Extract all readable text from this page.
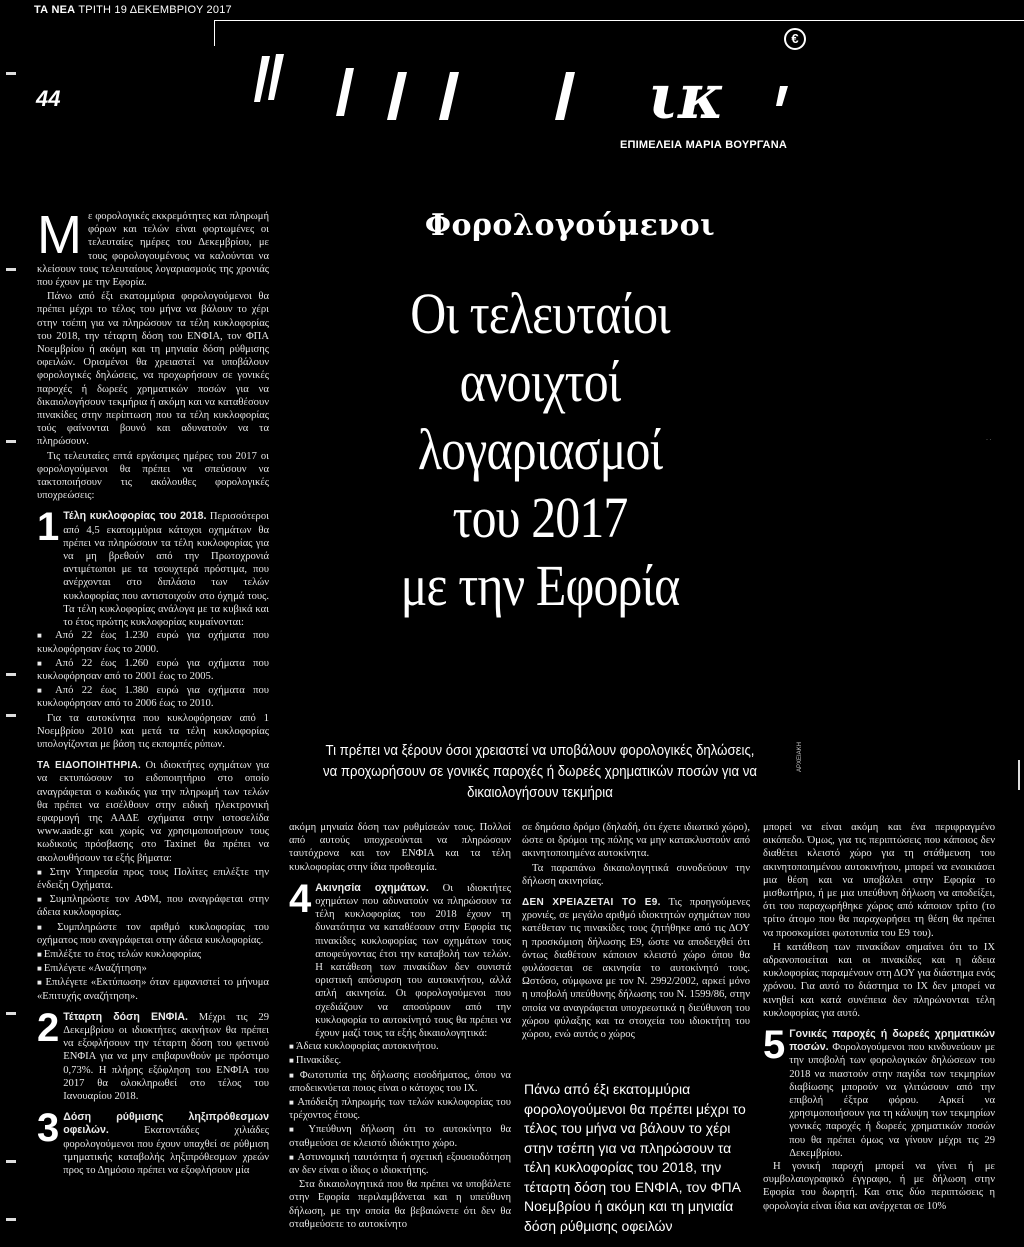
ΤΑ ΝΕΑ ΤΡΙΤΗ 19 ΔΕΚΕΜΒΡΙΟΥ 2017
44	ικ
€
ΕΠΙΜΕΛΕΙΑ ΜΑΡΙΑ ΒΟΥΡΓΑΝΑ
· ·

Με φορολογικές εκκρεμότητες και πληρωμή φόρων και τελών είναι φορτωμένες οι τελευταίες ημέρες του Δεκεμβρίου, με τους φορολογουμένους να καλούνται να κλείσουν τους τελευταίους λογαριασμούς της χρονιάς που έχουν με την Εφορία.

Πάνω από έξι εκατομμύρια φορολογούμενοι θα πρέπει μέχρι το τέλος του μήνα να βάλουν το χέρι στην τσέπη για να πληρώσουν τα τέλη κυκλοφορίας του 2018, την τέταρτη δόση του ΕΝΦΙΑ, τον ΦΠΑ Νοεμβρίου ή ακόμη και τη μηνιαία δόση ρύθμισης οφειλών. Ορισμένοι θα χρειαστεί να υποβάλουν φορολογικές δηλώσεις, να προχωρήσουν σε γονικές παροχές ή δωρεές χρηματικών ποσών για να δικαιολογήσουν τεκμήρια ή ακόμη και να καταθέσουν πινακίδες στην περίπτωση που τα τέλη κυκλοφορίας τούς φαίνονται βουνό και αδυνατούν να τα πληρώσουν.

Τις τελευταίες επτά εργάσιμες ημέρες του 2017 οι φορολογούμενοι θα πρέπει να σπεύσουν να τακτοποιήσουν τις ακόλουθες φορολογικές υποχρεώσεις:

1 Τέλη κυκλοφορίας του 2018. Περισσότεροι από 4,5 εκατομμύρια κάτοχοι οχημάτων θα πρέπει να πληρώσουν τα τέλη κυκλοφορίας για να μη βρεθούν από την Πρωτοχρονιά αντιμέτωποι με τα τσουχτερά πρόστιμα, που ανέρχονται στο διπλάσιο των τελών κυκλοφορίας που αντιστοιχούν στο όχημά τους. Τα τέλη κυκλοφορίας ανάλογα με τα κυβικά και το έτος πρώτης κυκλοφορίας κυμαίνονται:

■ Από 22 έως 1.230 ευρώ για οχήματα που κυκλοφόρησαν έως το 2000.

■ Από 22 έως 1.260 ευρώ για οχήματα που κυκλοφόρησαν από το 2001 έως το 2005.

■ Από 22 έως 1.380 ευρώ για οχήματα που κυκλοφόρησαν από το 2006 έως το 2010.

Για τα αυτοκίνητα που κυκλοφόρησαν από 1 Νοεμβρίου 2010 και μετά τα τέλη κυκλοφορίας υπολογίζονται με βάση τις εκπομπές ρύπων.

ΤΑ ΕΙΔΟΠΟΙΗΤΗΡΙΑ. Οι ιδιοκτήτες οχημάτων για να εκτυπώσουν το ειδοποιητήριο στο οποίο αναγράφεται ο κωδικός για την πληρωμή των τελών θα πρέπει να εισέλθουν στην ειδική ηλεκτρονική εφαρμογή της ΑΑΔΕ σχήματα στην ιστοσελίδα www.aade.gr και χωρίς να χρησιμοποιήσουν τους κωδικούς πρόσβασης στο Taxinet θα πρέπει να ακολουθήσουν τα εξής βήματα:

■ Στην Υπηρεσία προς τους Πολίτες επιλέξτε την ένδειξη Οχήματα.

■ Συμπληρώστε τον ΑΦΜ, που αναγράφεται στην άδεια κυκλοφορίας.

■ Συμπληρώστε τον αριθμό κυκλοφορίας του οχήματος που αναγράφεται στην άδεια κυκλοφορίας.

■ Επιλέξτε το έτος τελών κυκλοφορίας

■ Επιλέγετε «Αναζήτηση»

■ Επιλέγετε «Εκτύπωση» όταν εμφανιστεί το μήνυμα «Επιτυχής αναζήτηση».

2 Τέταρτη δόση ΕΝΦΙΑ. Μέχρι τις 29 Δεκεμβρίου οι ιδιοκτήτες ακινήτων θα πρέπει να εξοφλήσουν την τέταρτη δόση του φετινού ΕΝΦΙΑ για να μην επιβαρυνθούν με πρόστιμο 0,73%. Η πλήρης εξόφληση του ΕΝΦΙΑ του 2017 θα ολοκληρωθεί στο τέλος του Ιανουαρίου 2018.
3 Δόση ρύθμισης ληξιπρόθεσμων οφειλών. Εκατοντάδες χιλιάδες φορολογούμενοι που έχουν υπαχθεί σε ρύθμιση τμηματικής καταβολής ληξιπρόθεσμων χρεών προς το Δημόσιο πρέπει να εξοφλήσουν μία
Φορολογούμενοι
Οι τελευταίοι
ανοιχτοί
λογαριασμοί
του 2017
με την Εφορία
Τι πρέπει να ξέρουν όσοι χρειαστεί να υποβάλουν φορολογικές δηλώσεις, να προχωρήσουν σε γονικές παροχές ή δωρεές χρηματικών ποσών για να δικαιολογήσουν τεκμήρια
ΑΡΧΕΙΑΚΗ

ακόμη μηνιαία δόση των ρυθμίσεών τους. Πολλοί από αυτούς υποχρεούνται να πληρώσουν ταυτόχρονα και τον ΕΝΦΙΑ και τα τέλη κυκλοφορίας στην ίδια προθεσμία.

4 Ακινησία οχημάτων. Οι ιδιοκτήτες οχημάτων που αδυνατούν να πληρώσουν τα τέλη κυκλοφορίας του 2018 έχουν τη δυνατότητα να καταθέσουν στην Εφορία τις πινακίδες κυκλοφορίας των οχημάτων τους αποφεύγοντας έτσι την καταβολή των τελών. Η κατάθεση των πινακίδων δεν συνιστά οριστική απόσυρση του αυτοκινήτου, αλλά απλή ακινησία. Οι φορολογούμενοι που σχεδιάζουν να αποσύρουν από την κυκλοφορία το αυτοκίνητό τους θα πρέπει να έχουν μαζί τους τα εξής δικαιολογητικά:

■ Άδεια κυκλοφορίας αυτοκινήτου.

■ Πινακίδες.

■ Φωτοτυπία της δήλωσης εισοδήματος, όπου να αποδεικνύεται ποιος είναι ο κάτοχος του ΙΧ.

■ Απόδειξη πληρωμής των τελών κυκλοφορίας του τρέχοντος έτους.

■ Υπεύθυνη δήλωση ότι το αυτοκίνητο θα σταθμεύσει σε κλειστό ιδιόκτητο χώρο.

■ Αστυνομική ταυτότητα ή σχετική εξουσιοδότηση αν δεν είναι ο ίδιος ο ιδιοκτήτης.

Στα δικαιολογητικά που θα πρέπει να υποβάλετε στην Εφορία περιλαμβάνεται και η υπεύθυνη δήλωση, με την οποία θα βεβαιώνετε ότι δεν θα σταθμεύσετε το αυτοκίνητο

σε δημόσιο δρόμο (δηλαδή, ότι έχετε ιδιωτικό χώρο), ώστε οι δρόμοι της πόλης να μην κατακλυστούν από ακινητοποιημένα αυτοκίνητα.

Τα παραπάνω δικαιολογητικά συνοδεύουν την δήλωση ακινησίας.

ΔΕΝ ΧΡΕΙΑΖΕΤΑΙ ΤΟ Ε9. Τις προηγούμενες χρονιές, σε μεγάλο αριθμό ιδιοκτητών οχημάτων που κατέθεταν τις πινακίδες τους ζητήθηκε από τις ΔΟΥ η προσκόμιση δήλωσης Ε9, ώστε να αποδειχθεί ότι όντως διαθέτουν κάποιον κλειστό χώρο όπου θα φυλάσσεται σε ακινησία το αυτοκίνητό τους. Ωστόσο, σύμφωνα με τον Ν. 2992/2002, αρκεί μόνο η υποβολή υπεύθυνης δήλωσης του Ν. 1599/86, στην οποία να αναγράφεται υποχρεωτικά η διεύθυνση του χώρου φύλαξης και τα στοιχεία του ιδιοκτήτη του χώρου, ενώ αυτός ο χώρος

Πάνω από έξι εκατομμύρια φορολογούμενοι θα πρέπει μέχρι το τέλος του μήνα να βάλουν το χέρι στην τσέπη για να πληρώσουν τα τέλη κυκλοφορίας του 2018, την τέταρτη δόση του ΕΝΦΙΑ, τον ΦΠΑ Νοεμβρίου ή ακόμη και τη μηνιαία δόση ρύθμισης οφειλών

μπορεί να είναι ακόμη και ένα περιφραγμένο οικόπεδο. Όμως, για τις περιπτώσεις που κάποιος δεν διαθέτει κλειστό χώρο για τη στάθμευση του ακινητοποιημένου αυτοκινήτου, μπορεί να ενοικιάσει μια θέση και να υποβάλει στην Εφορία το μισθωτήριο, ή με μια υπεύθυνη δήλωση να αποδείξει, ότι του παραχωρήθηκε χώρος από κάποιον τρίτο (το τρίτο άτομο που θα παραχωρήσει τη θέση θα πρέπει να προσκομίσει φωτοτυπία του Ε9 του).

Η κατάθεση των πινακίδων σημαίνει ότι το ΙΧ αδρανοποιείται και οι πινακίδες και η άδεια κυκλοφορίας παραμένουν στη ΔΟΥ για διάστημα ενός χρόνου. Για αυτό το διάστημα το ΙΧ δεν μπορεί να κινηθεί και κατά συνέπεια δεν πληρώνονται τέλη κυκλοφορίας για αυτό.

5 Γονικές παροχές ή δωρεές χρηματικών ποσών. Φορολογούμενοι που κινδυνεύουν με την υποβολή των φορολογικών δηλώσεων του 2018 να πιαστούν στην παγίδα των τεκμηρίων διαβίωσης μπορούν να γλιτώσουν από την επιβολή έξτρα φόρου. Αρκεί να χρησιμοποιήσουν για τη κάλυψη των τεκμηρίων γονικές παροχές ή δωρεές χρηματικών ποσών που θα πρέπει όμως να γίνουν μέχρι τις 29 Δεκεμβρίου.

Η γονική παροχή μπορεί να γίνει ή με συμβολαιογραφικό έγγραφο, ή με δήλωση στην Εφορία του δωρητή. Και στις δύο περιπτώσεις η φορολογία είναι ίδια και ανέρχεται σε 10%
